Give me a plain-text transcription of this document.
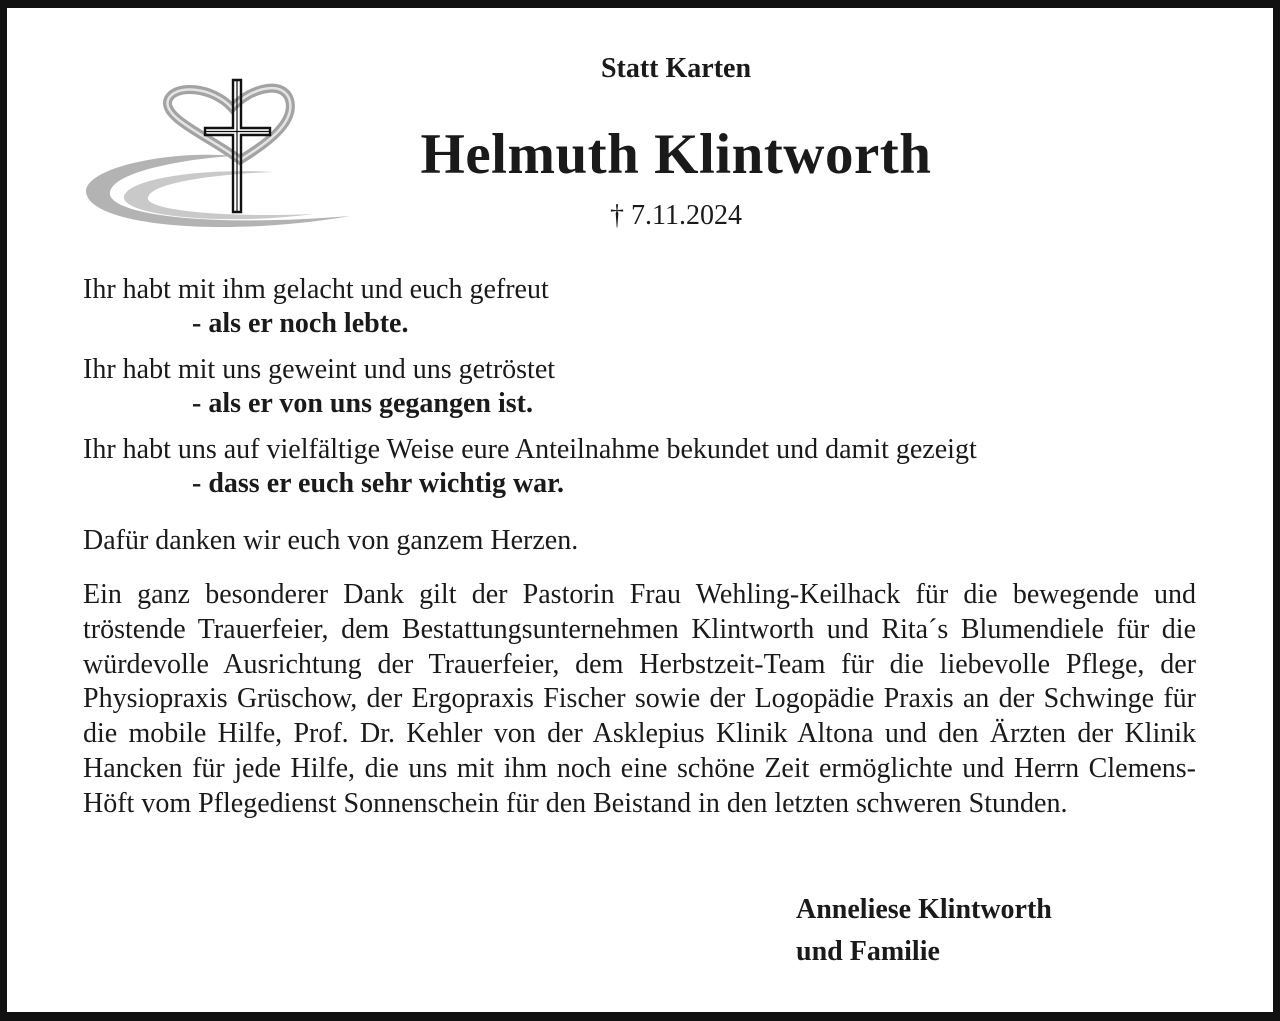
Statt Karten
Helmuth Klintworth
† 7.11.2024
Ihr habt mit ihm gelacht und euch gefreut
- als er noch lebte.
Ihr habt mit uns geweint und uns getröstet
- als er von uns gegangen ist.
Ihr habt uns auf vielfältige Weise eure Anteilnahme bekundet und damit gezeigt
- dass er euch sehr wichtig war.
Dafür danken wir euch von ganzem Herzen.
Ein ganz besonderer Dank gilt der Pastorin Frau Wehling-Keilhack für die bewegende und tröstende Trauerfeier, dem Bestattungsunternehmen Klintworth und Rita´s Blumendiele für die würdevolle Ausrichtung der Trauerfeier, dem Herbstzeit-Team für die liebevolle Pflege, der Physiopraxis Grüschow, der Ergopraxis Fischer sowie der Logopädie Praxis an der Schwinge für die mobile Hilfe, Prof. Dr. Kehler von der Asklepius Klinik Altona und den Ärzten der Klinik Hancken für jede Hilfe, die uns mit ihm noch eine schöne Zeit ermöglichte und Herrn Clemens-Höft vom Pflegedienst Sonnenschein für den Beistand in den letzten schweren Stunden.
Anneliese Klintworth
und Familie
